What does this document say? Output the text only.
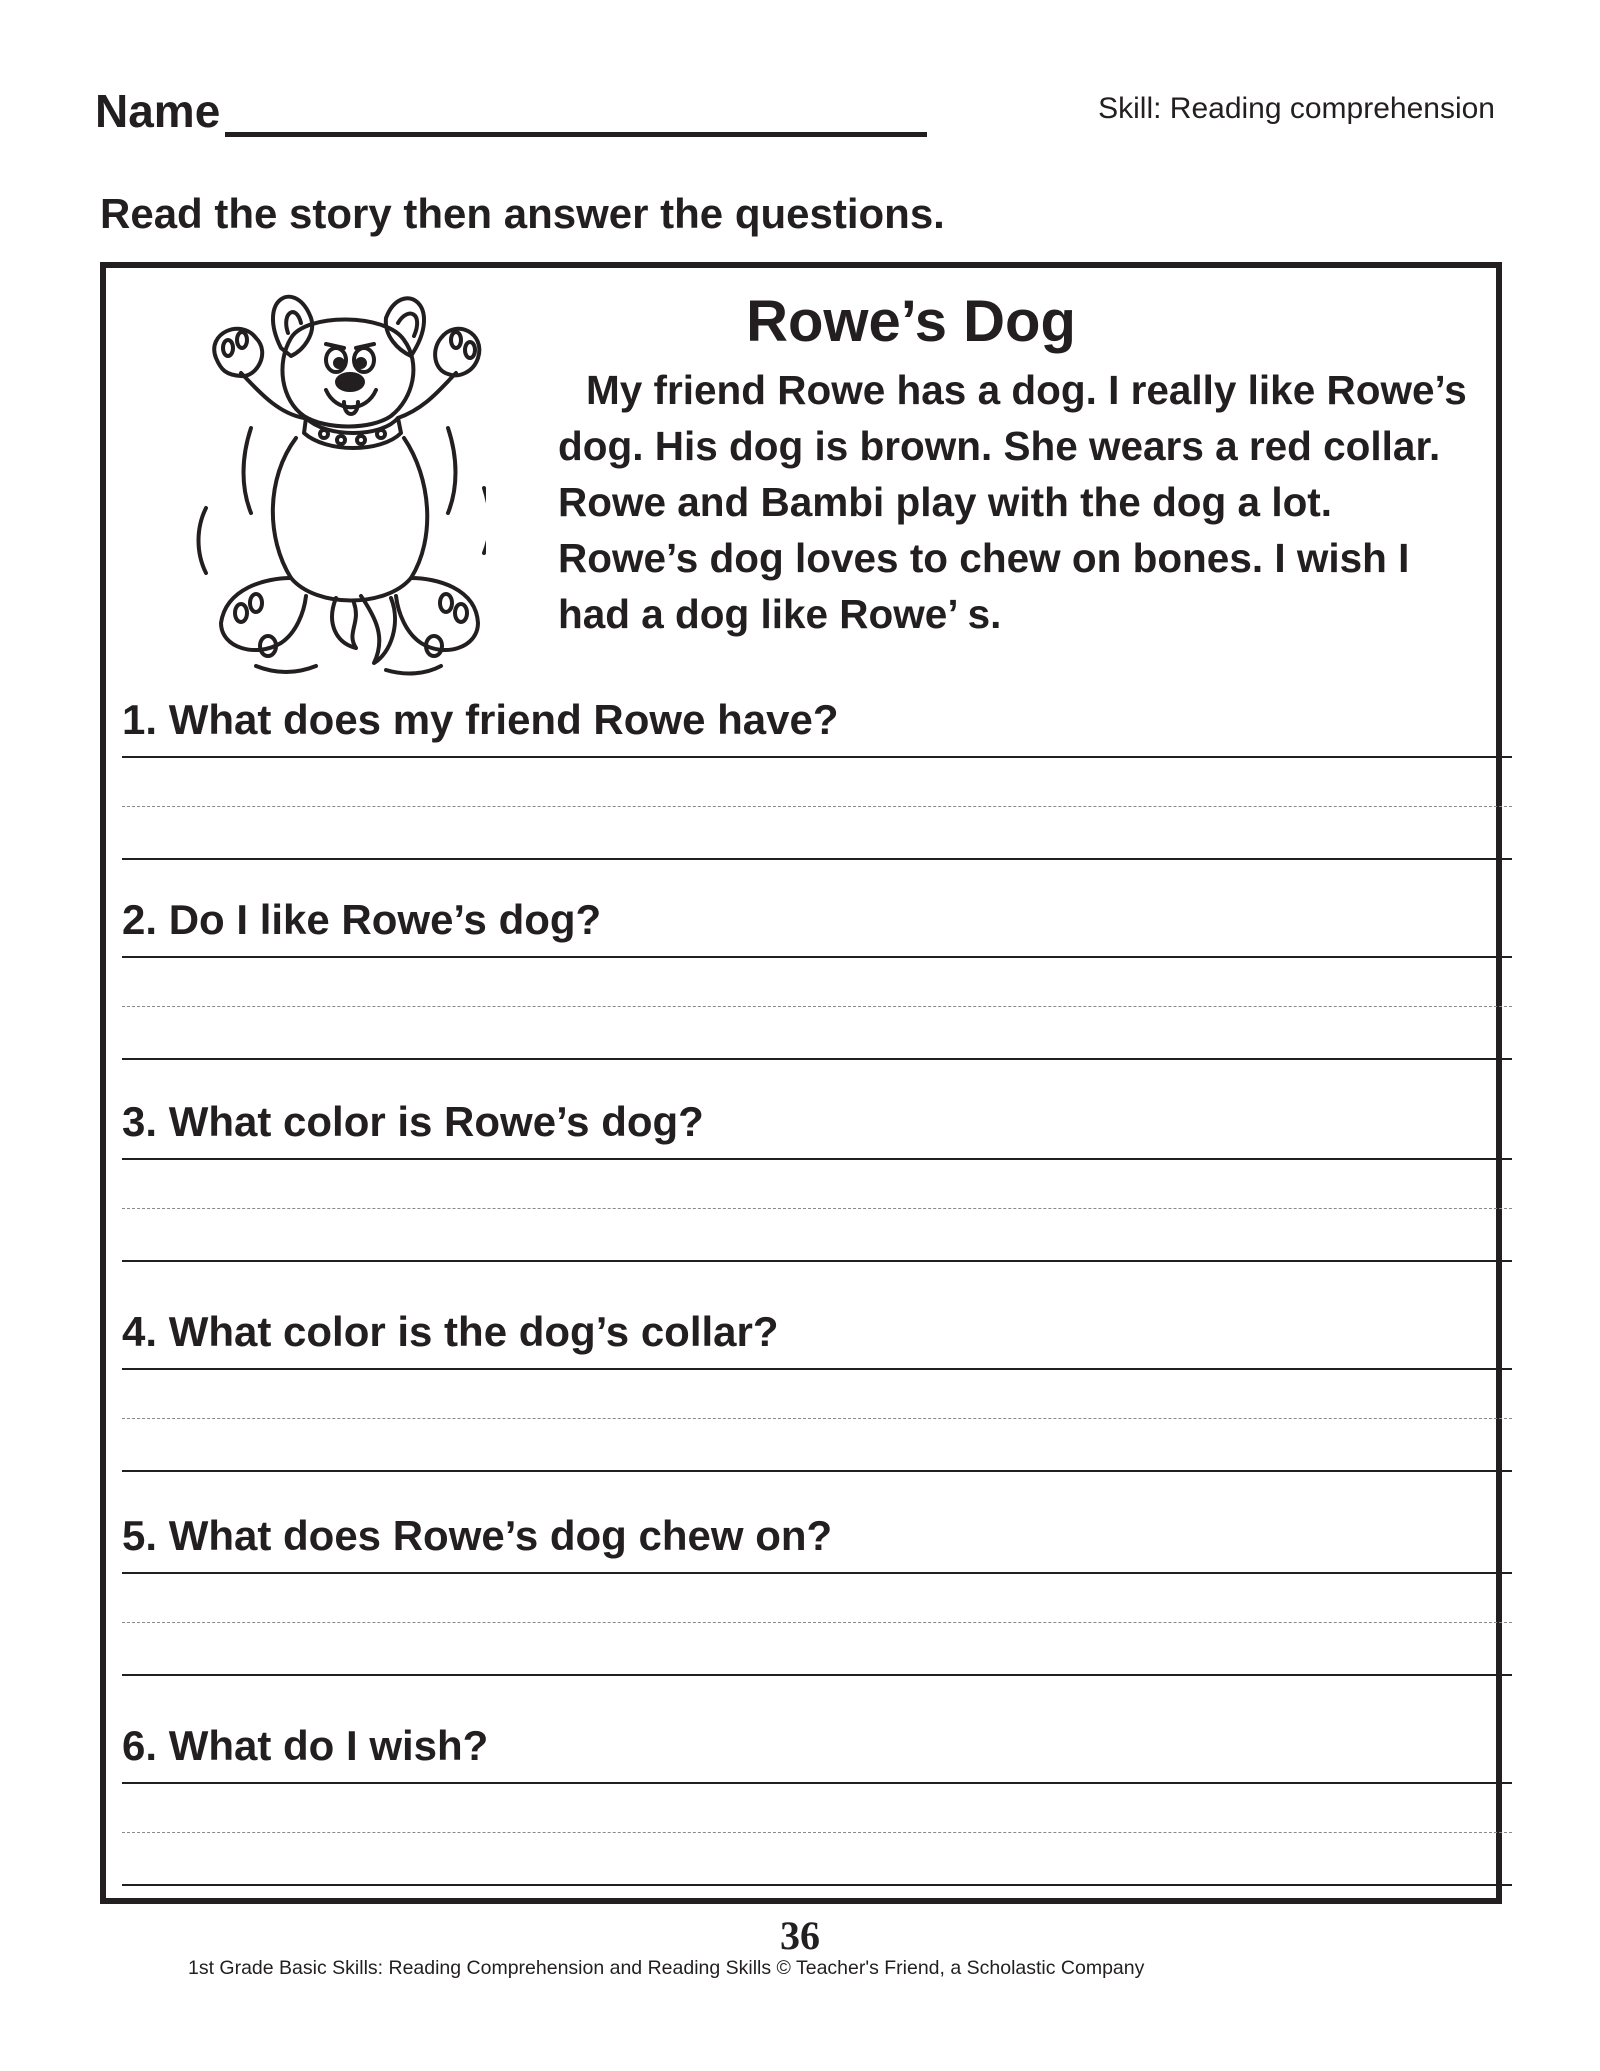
Name	Skill: Reading comprehension
Read the story then answer the questions.
Rowe’s Dog

My friend Rowe has a dog. I really like Rowe’s dog. His dog is brown. She wears a red collar. Rowe and Bambi play with the dog a lot. Rowe’s dog loves to chew on bones. I wish I had a dog like Rowe’ s.

1. What does my friend Rowe have?
2. Do I like Rowe’s dog?
3. What color is Rowe’s dog?
4. What color is the dog’s collar?
5. What does Rowe’s dog chew on?
6. What do I wish?
36
1st Grade Basic Skills: Reading Comprehension and Reading Skills © Teacher's Friend, a Scholastic Company
